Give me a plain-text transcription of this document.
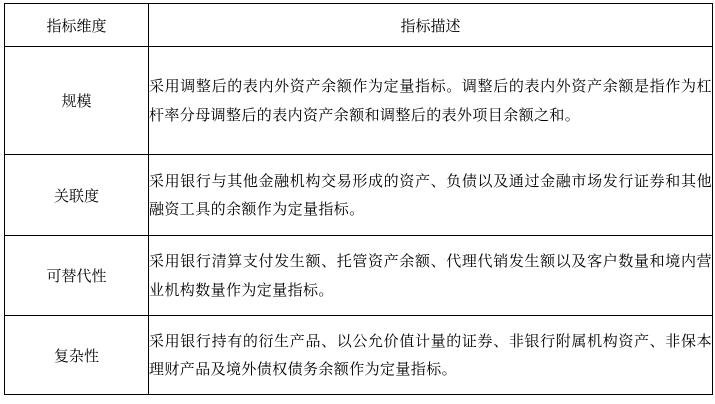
指标维度	指标描述
规模	采用调整后的表内外资产余额作为定量指标。调整后的表内外资产余额是指作为杠杆率分母调整后的表内资产余额和调整后的表外项目余额之和。
关联度	采用银行与其他金融机构交易形成的资产、负债以及通过金融市场发行证券和其他融资工具的余额作为定量指标。
可替代性	采用银行清算支付发生额、托管资产余额、代理代销发生额以及客户数量和境内营业机构数量作为定量指标。
复杂性	采用银行持有的衍生产品、以公允价值计量的证券、非银行附属机构资产、非保本理财产品及境外债权债务余额作为定量指标。
